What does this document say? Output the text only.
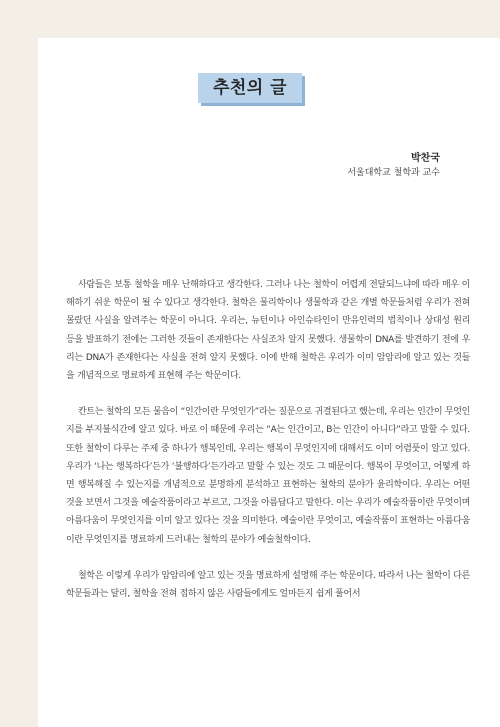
추천의 글
박찬국
서울대학교 철학과 교수

사람들은 보통 철학을 매우 난해하다고 생각한다. 그러나 나는 철학이 어렵게 전달되느냐에 따라 매우 이해하기 쉬운 학문이 될 수 있다고 생각한다. 철학은 물리학이나 생물학과 같은 개별 학문들처럼 우리가 전혀 몰랐던 사실을 알려주는 학문이 아니다. 우리는, 뉴턴이나 아인슈타인이 만유인력의 법칙이나 상대성 원리 등을 발표하기 전에는 그러한 것들이 존재한다는 사실조차 알지 못했다. 생물학이 DNA를 발견하기 전에 우리는 DNA가 존재한다는 사실을 전혀 알지 못했다. 이에 반해 철학은 우리가 이미 암암리에 알고 있는 것들을 개념적으로 명료하게 표현해 주는 학문이다.

칸트는 철학의 모든 물음이 “인간이란 무엇인가”라는 질문으로 귀결된다고 했는데, 우리는 인간이 무엇인지를 부지불식간에 알고 있다. 바로 이 때문에 우리는 “A는 인간이고, B는 인간이 아니다”라고 말할 수 있다. 또한 철학이 다루는 주제 중 하나가 행복인데, 우리는 행복이 무엇인지에 대해서도 이미 어렴풋이 알고 있다. 우리가 ‘나는 행복하다’든가 ‘불행하다’든가라고 말할 수 있는 것도 그 때문이다. 행복이 무엇이고, 어떻게 하면 행복해질 수 있는지를 개념적으로 분명하게 분석하고 표현하는 철학의 분야가 윤리학이다. 우리는 어떤 것을 보면서 그것을 예술작품이라고 부르고, 그것을 아름답다고 말한다. 이는 우리가 예술작품이란 무엇이며 아름다움이 무엇인지를 이미 알고 있다는 것을 의미한다. 예술이란 무엇이고, 예술작품이 표현하는 아름다움이란 무엇인지를 명료하게 드러내는 철학의 분야가 예술철학이다.

철학은 이렇게 우리가 암암리에 알고 있는 것을 명료하게 설명해 주는 학문이다. 따라서 나는 철학이 다른 학문들과는 달리, 철학을 전혀 접하지 않은 사람들에게도 얼마든지 쉽게 풀어서
